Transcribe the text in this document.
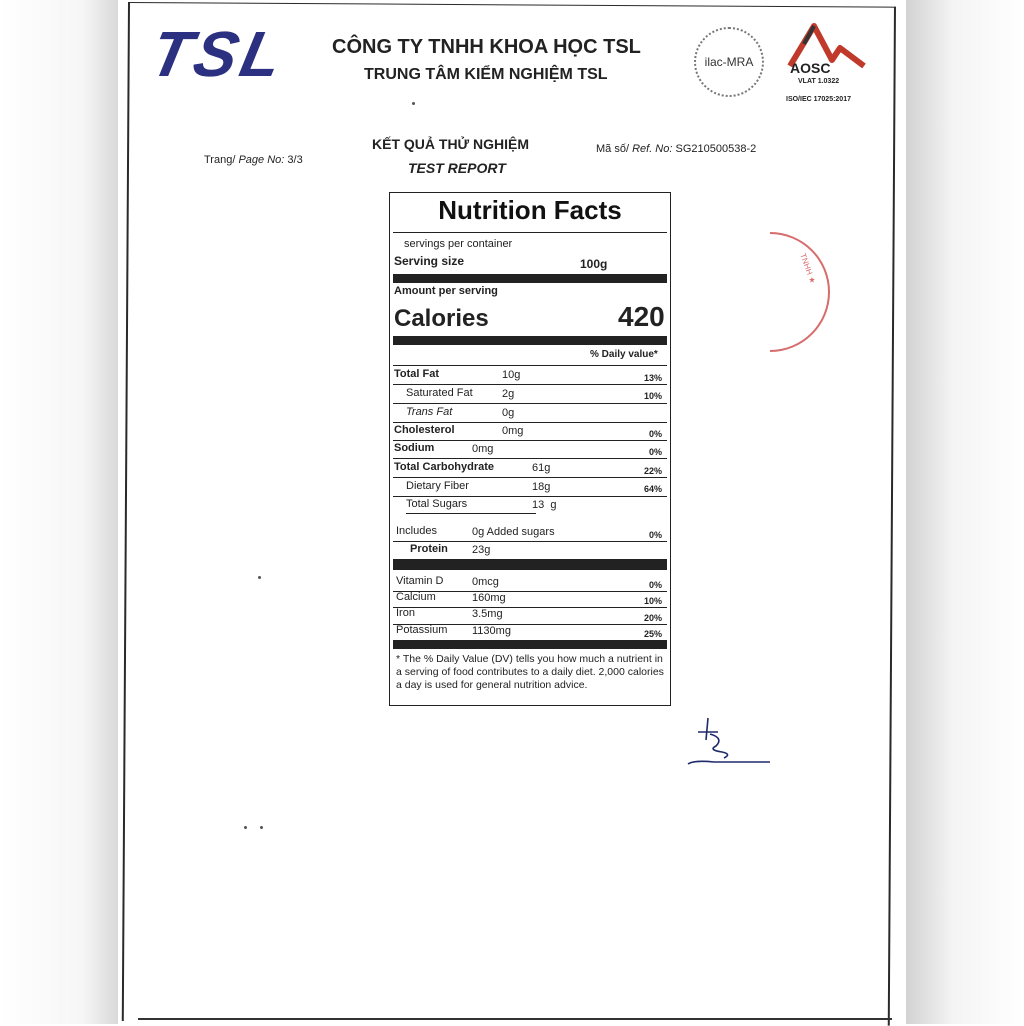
TSL CÔNG TY TNHH KHOA HỌC TSL
TRUNG TÂM KIỂM NGHIỆM TSL
ilac-MRA	AOSC
VLAT 1.0322
ISO/IEC 17025:2017
KẾT QUẢ THỬ NGHIỆM
TEST REPORT
Mã số/ Ref. No: SG210500538-2
Trang/ Page No: 3/3
TNHH ★
Nutrition Facts
servings per container
Serving size	100g
Amount per serving
Calories	420
% Daily value*
Total Fat	10g	13%
Saturated Fat	2g	10%
Trans Fat	0g
Cholesterol	0mg	0%
Sodium	0mg	0%
Total Carbohydrate	61g	22%
Dietary Fiber	18g	64%
Total Sugars	13  g
Includes	0g Added sugars	0%
Protein 23g
Vitamin D	0mcg	0%
Calcium	160mg	10%
Iron	3.5mg	20%
Potassium 1130mg	25%
* The % Daily Value (DV) tells you how much a nutrient in a serving of food contributes to a daily diet. 2,000 calories a day is used for general nutrition advice.
